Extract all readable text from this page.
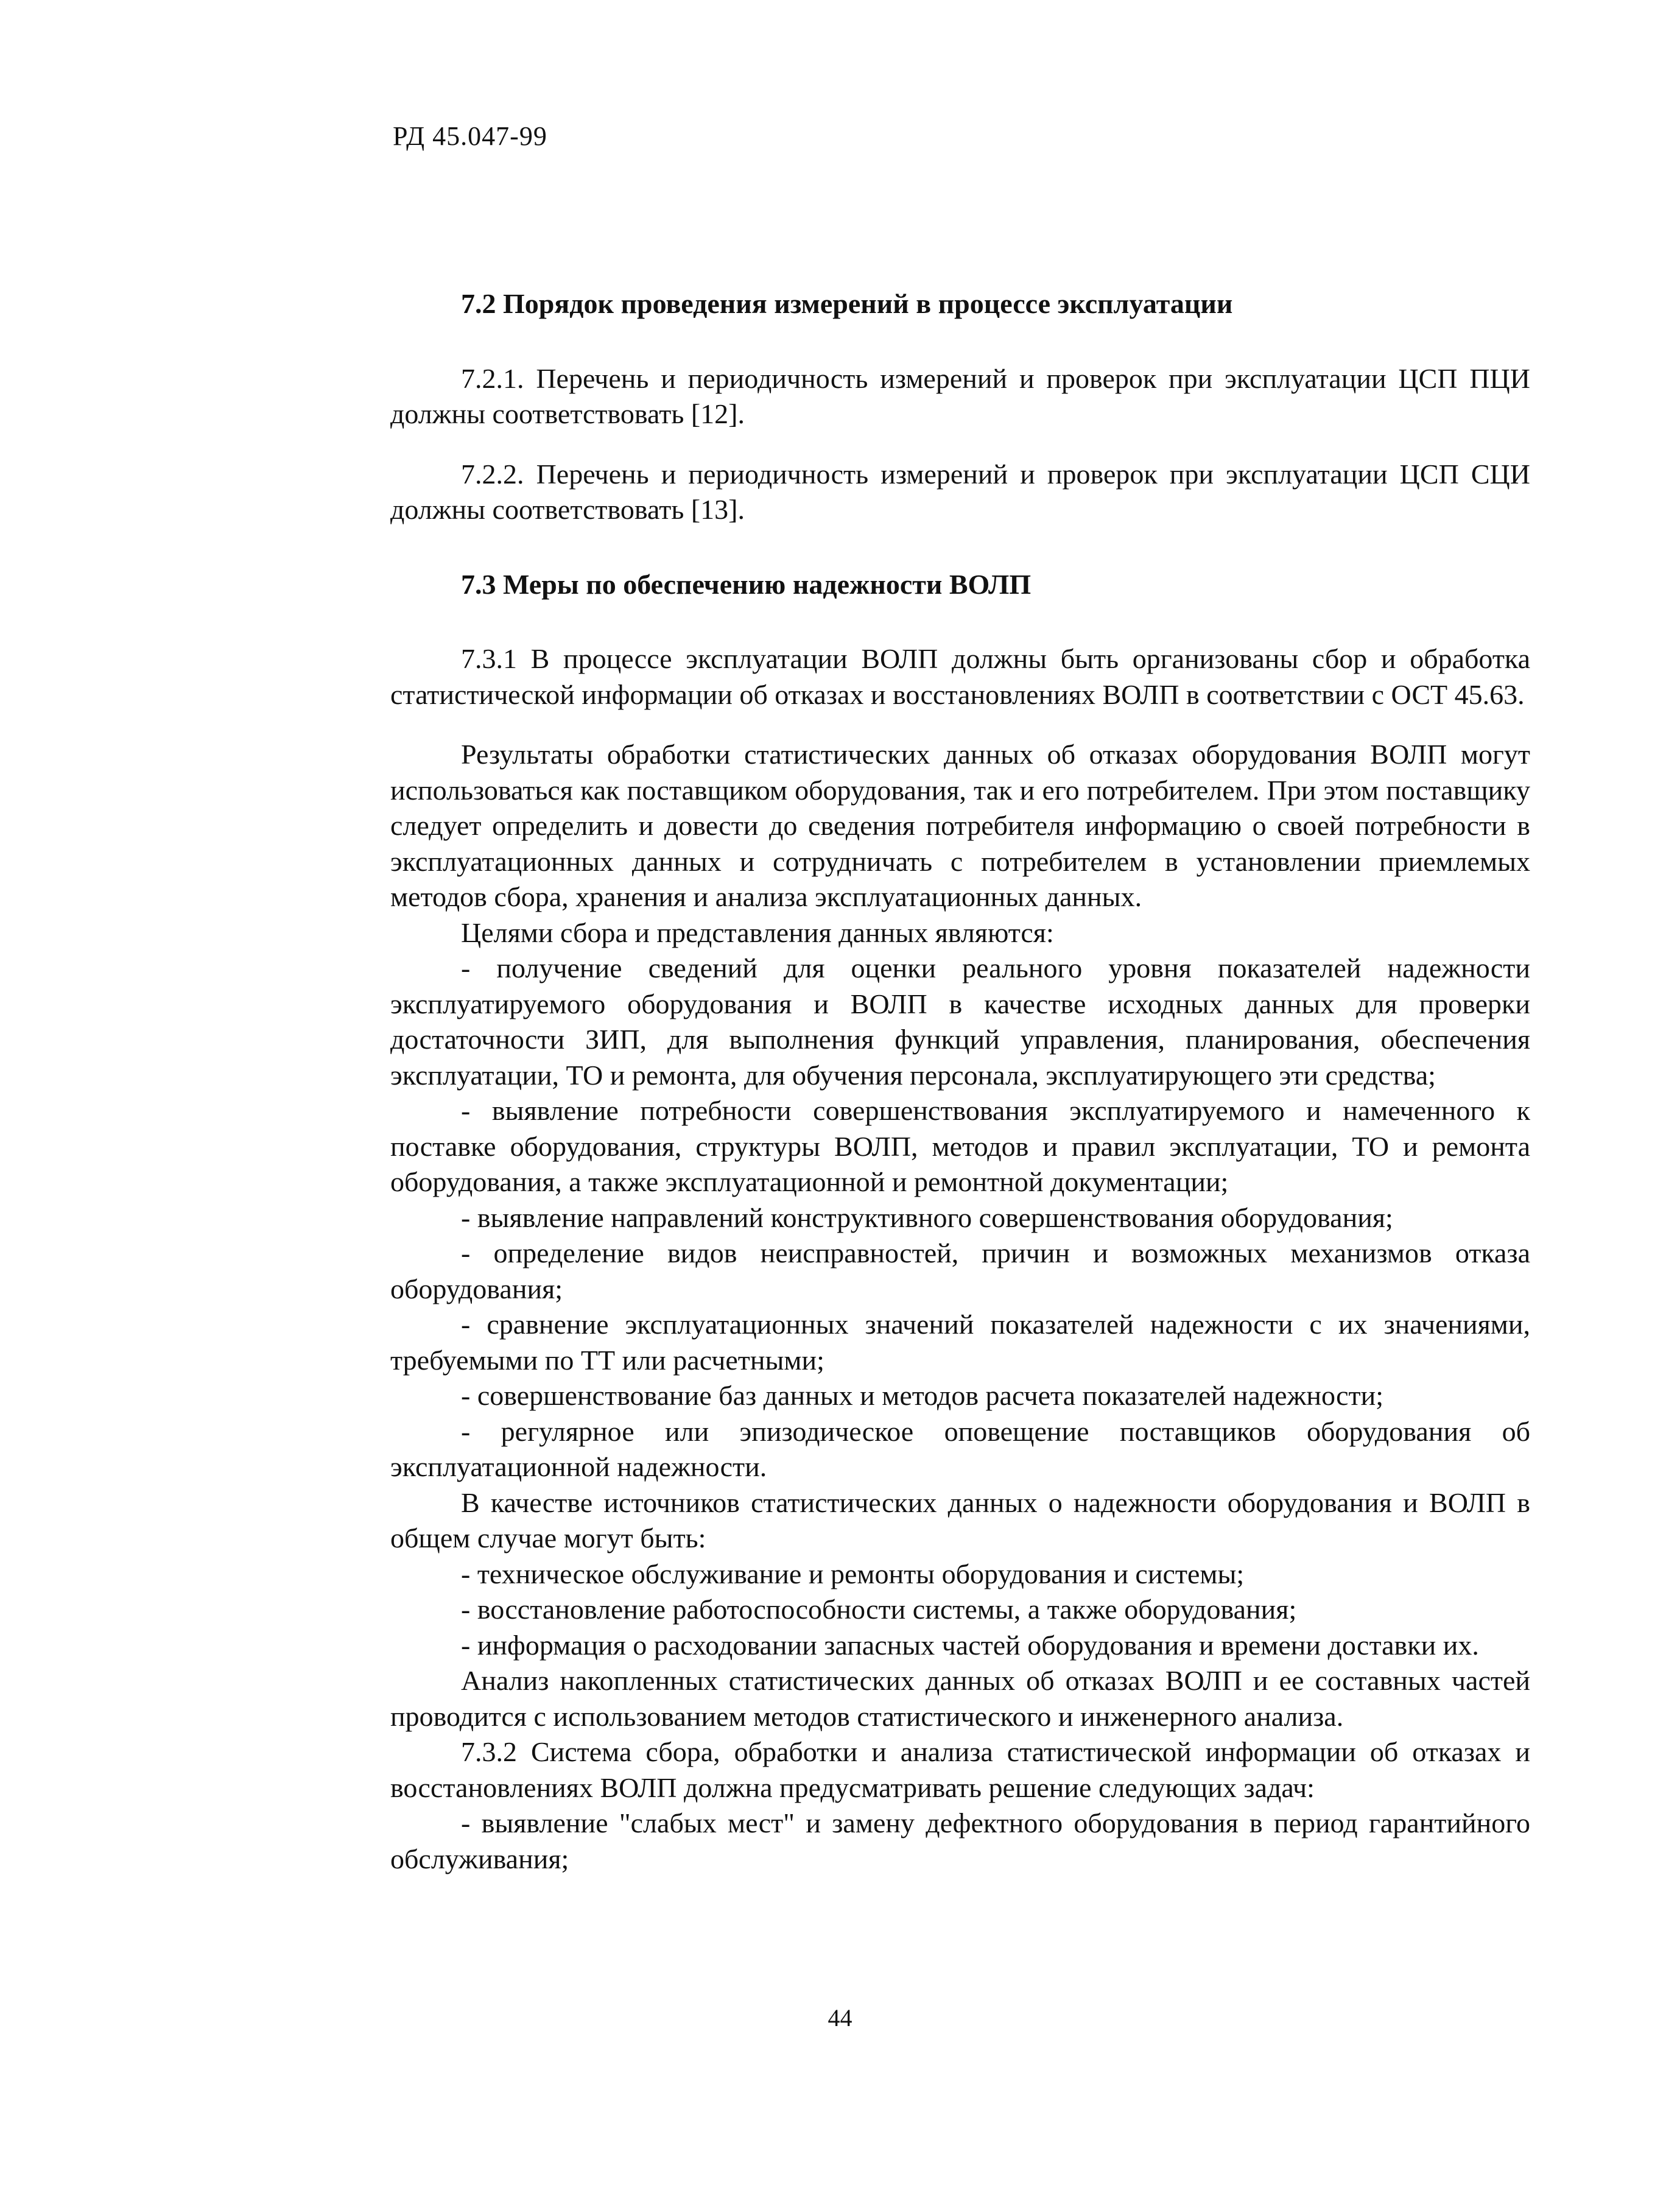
РД 45.047-99
7.2 Порядок проведения измерений в процессе эксплуатации

7.2.1. Перечень и периодичность измерений и проверок при эксплуатации ЦСП ПЦИ должны соответствовать [12].

7.2.2. Перечень и периодичность измерений и проверок при эксплуатации ЦСП СЦИ должны соответствовать [13].

7.3 Меры по обеспечению надежности ВОЛП

7.3.1 В процессе эксплуатации ВОЛП должны быть организованы сбор и обработка статистической информации об отказах и восстановлениях ВОЛП в соответствии с ОСТ 45.63.

Результаты обработки статистических данных об отказах оборудования ВОЛП могут использоваться как поставщиком оборудования, так и его потребителем. При этом поставщику следует определить и довести до сведения потребителя информацию о своей потребности в эксплуатационных данных и сотрудничать с потребителем в установлении приемлемых методов сбора, хранения и анализа эксплуатационных данных.

Целями сбора и представления данных являются:

- получение сведений для оценки реального уровня показателей надежности эксплуатируемого оборудования и ВОЛП в качестве исходных данных для проверки достаточности ЗИП, для выполнения функций управления, планирования, обеспечения эксплуатации, ТО и ремонта, для обучения персонала, эксплуатирующего эти средства;

- выявление потребности совершенствования эксплуатируемого и намеченного к поставке оборудования, структуры ВОЛП, методов и правил эксплуатации, ТО и ремонта оборудования, а также эксплуатационной и ремонтной документации;

- выявление направлений конструктивного совершенствования оборудования;

- определение видов неисправностей, причин и возможных механизмов отказа оборудования;

- сравнение эксплуатационных значений показателей надежности с их значениями, требуемыми по ТТ или расчетными;

- совершенствование баз данных и методов расчета показателей надежности;

- регулярное или эпизодическое оповещение поставщиков оборудования об эксплуатационной надежности.

В качестве источников статистических данных о надежности оборудования и ВОЛП в общем случае могут быть:

- техническое обслуживание и ремонты оборудования и системы;

- восстановление работоспособности системы, а также оборудования;

- информация о расходовании запасных частей оборудования и времени доставки их.

Анализ накопленных статистических данных об отказах ВОЛП и ее составных частей проводится с использованием методов статистического и инженерного анализа.

7.3.2 Система сбора, обработки и анализа статистической информации об отказах и восстановлениях ВОЛП должна предусматривать решение следующих задач:

- выявление "слабых мест" и замену дефектного оборудования в период гарантийного обслуживания;

44
